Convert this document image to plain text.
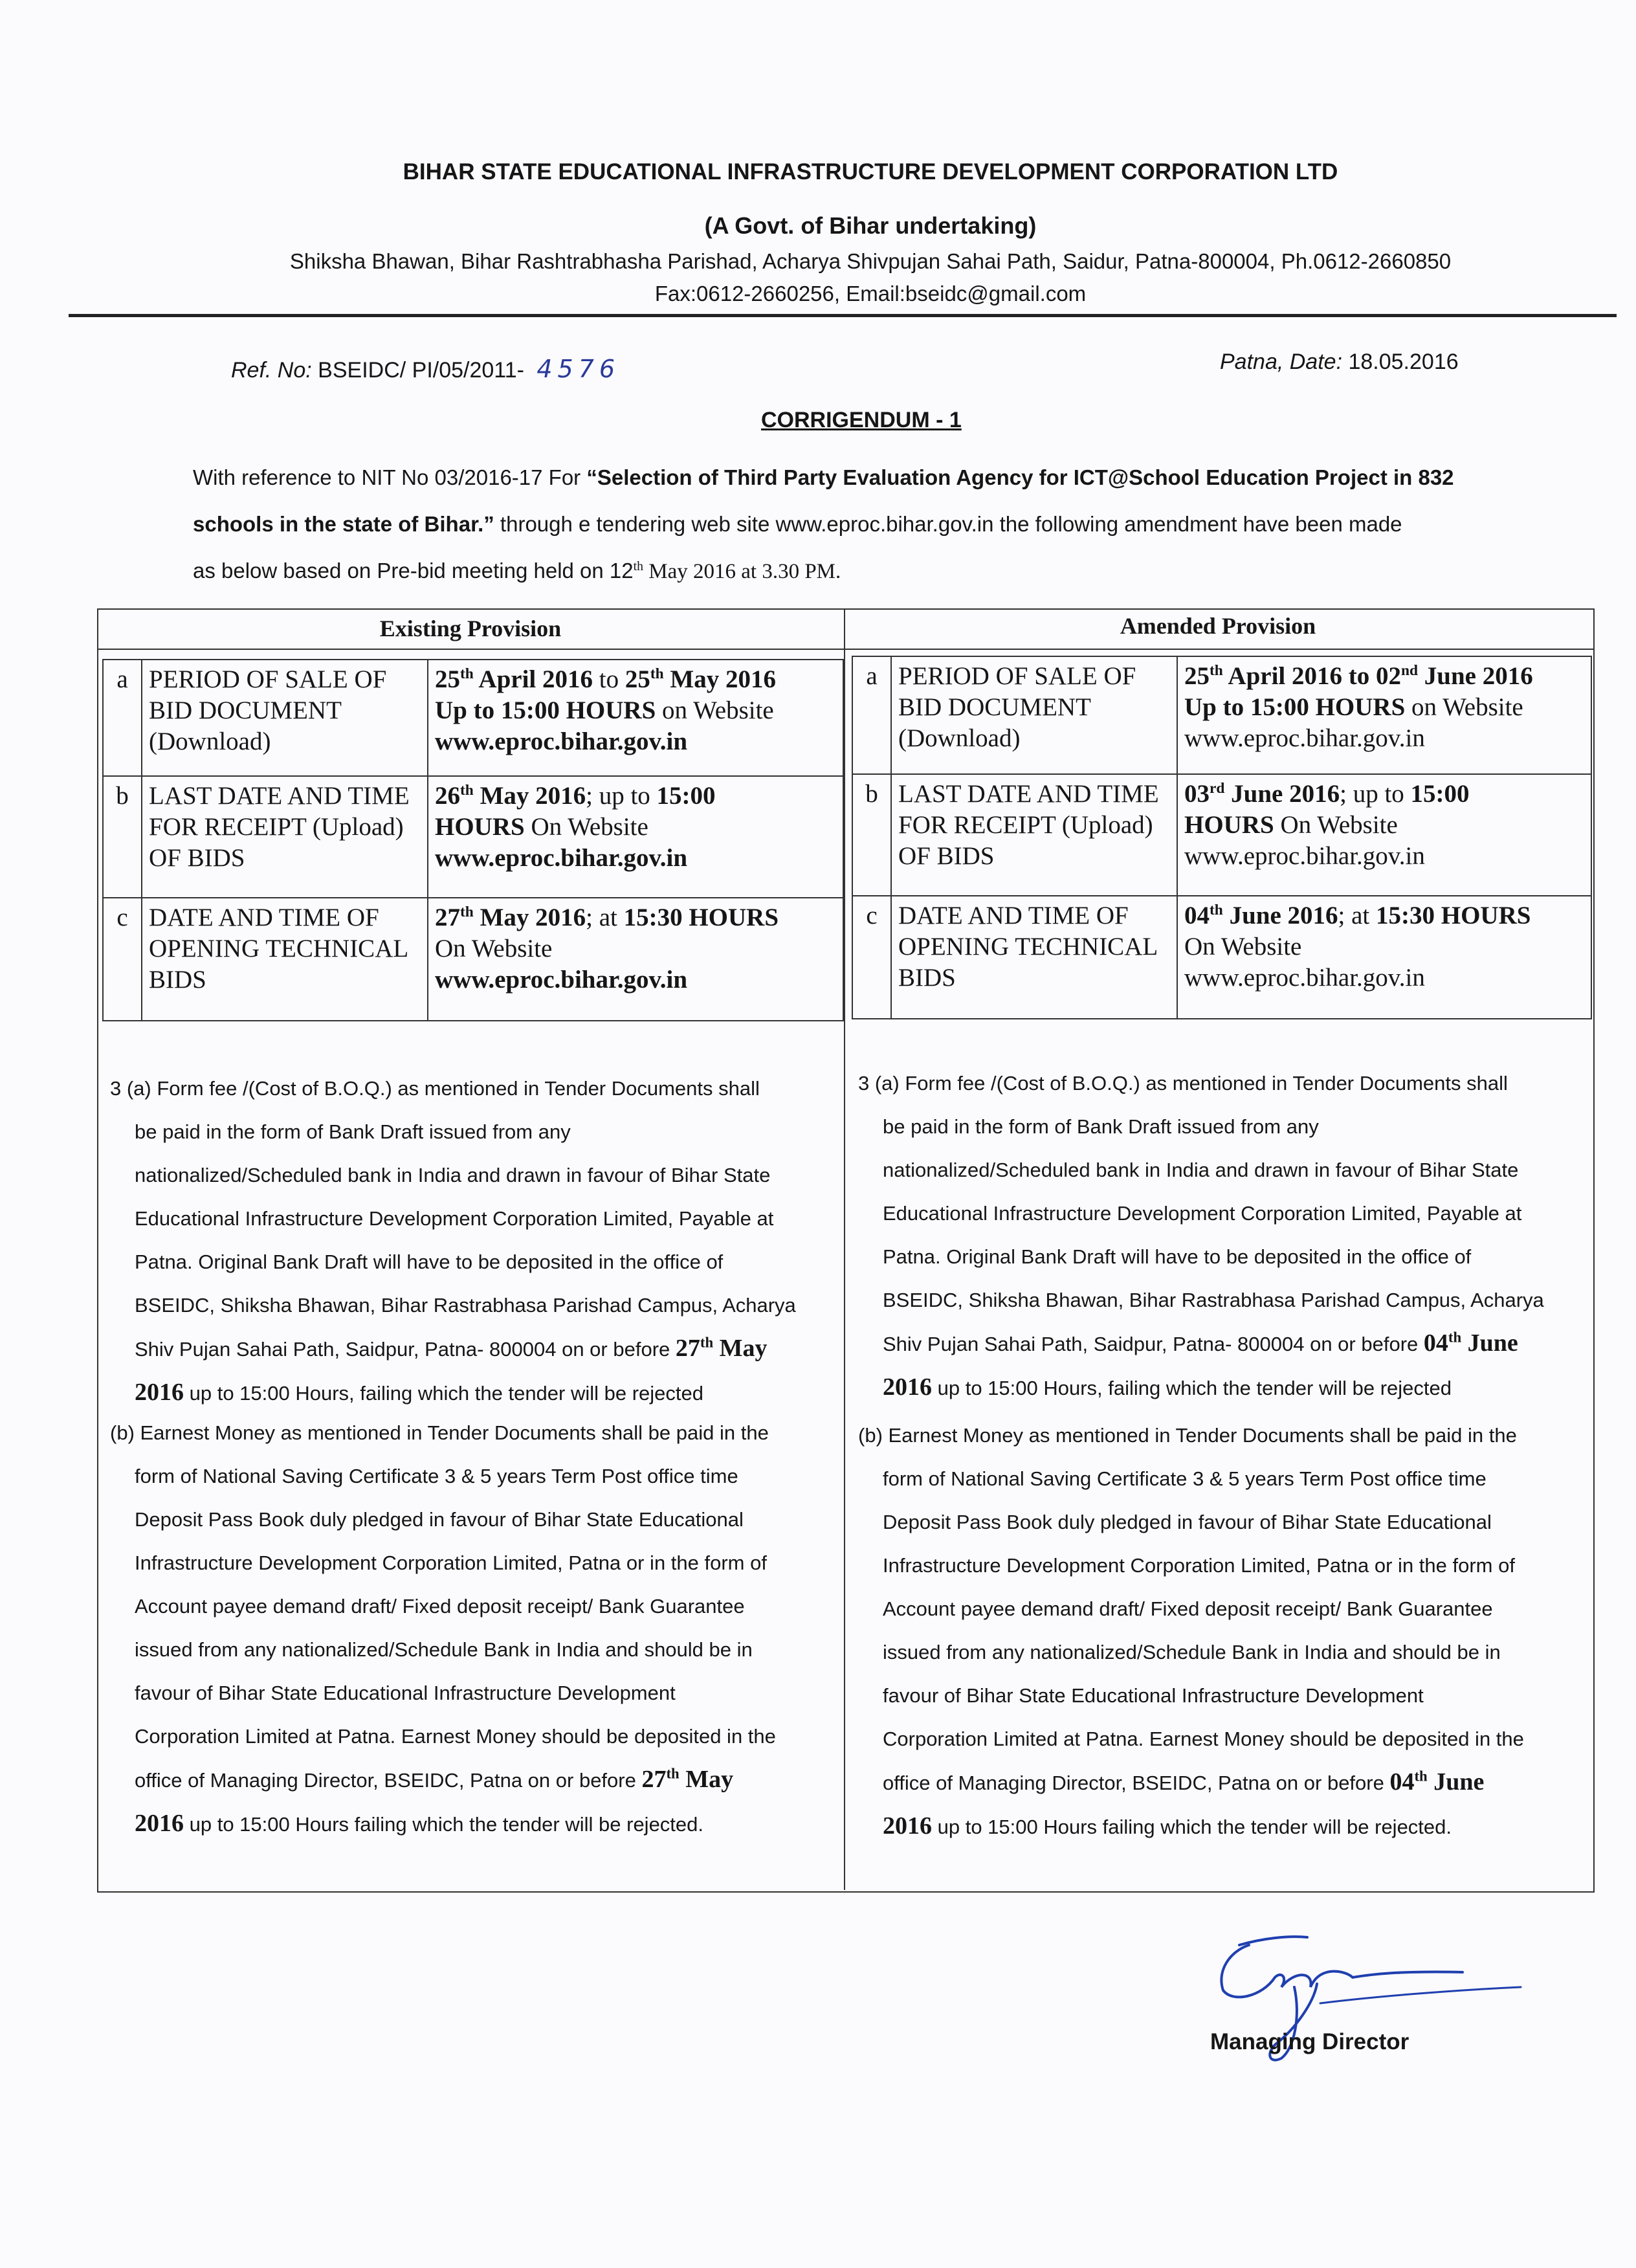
BIHAR STATE EDUCATIONAL INFRASTRUCTURE DEVELOPMENT CORPORATION LTD
(A Govt. of Bihar undertaking)
Shiksha Bhawan, Bihar Rashtrabhasha Parishad, Acharya Shivpujan Sahai Path, Saidur, Patna-800004, Ph.0612-2660850
Fax:0612-2660256, Email:bseidc@gmail.com
Ref. No: BSEIDC/ PI/05/2011- 4576	Patna, Date: 18.05.2016
CORRIGENDUM - 1
With reference to NIT No 03/2016-17 For “Selection of Third Party Evaluation Agency for ICT@School Education Project in 832
schools in the state of Bihar.” through e tendering web site www.eproc.bihar.gov.in the following amendment have been made
as below based on Pre-bid meeting held on 12th May 2016 at 3.30 PM.
Existing Provision	Amended Provision
a	PERIOD OF SALE OF BID DOCUMENT (Download)	25th April 2016 to 25th May 2016
Up to 15:00 HOURS on Website
www.eproc.bihar.gov.in
b	LAST DATE AND TIME FOR RECEIPT (Upload) OF BIDS	26th May 2016; up to 15:00
HOURS On Website
www.eproc.bihar.gov.in
c	DATE AND TIME OF OPENING TECHNICAL BIDS	27th May 2016; at 15:30 HOURS
On Website
www.eproc.bihar.gov.in
a	PERIOD OF SALE OF BID DOCUMENT (Download)	25th April 2016 to 02nd June 2016
Up to 15:00 HOURS on Website
www.eproc.bihar.gov.in
b	LAST DATE AND TIME FOR RECEIPT (Upload) OF BIDS	03rd June 2016; up to 15:00
HOURS On Website
www.eproc.bihar.gov.in
c	DATE AND TIME OF OPENING TECHNICAL BIDS	04th June 2016; at 15:30 HOURS
On Website
www.eproc.bihar.gov.in
3 (a) Form fee /(Cost of B.O.Q.) as mentioned in Tender Documents shall
be paid in the form of Bank Draft issued from any
nationalized/Scheduled bank in India and drawn in favour of Bihar State
Educational Infrastructure Development Corporation Limited, Payable at
Patna. Original Bank Draft will have to be deposited in the office of
BSEIDC, Shiksha Bhawan, Bihar Rastrabhasa Parishad Campus, Acharya
Shiv Pujan Sahai Path, Saidpur, Patna- 800004 on or before 27th May
2016 up to 15:00 Hours, failing which the tender will be rejected
(b) Earnest Money as mentioned in Tender Documents shall be paid in the
form of National Saving Certificate 3 & 5 years Term Post office time
Deposit Pass Book duly pledged in favour of Bihar State Educational
Infrastructure Development Corporation Limited, Patna or in the form of
Account payee demand draft/ Fixed deposit receipt/ Bank Guarantee
issued from any nationalized/Schedule Bank in India and should be in
favour of Bihar State Educational Infrastructure Development
Corporation Limited at Patna. Earnest Money should be deposited in the
office of Managing Director, BSEIDC, Patna on or before 27th May
2016 up to 15:00 Hours failing which the tender will be rejected.
3 (a) Form fee /(Cost of B.O.Q.) as mentioned in Tender Documents shall
be paid in the form of Bank Draft issued from any
nationalized/Scheduled bank in India and drawn in favour of Bihar State
Educational Infrastructure Development Corporation Limited, Payable at
Patna. Original Bank Draft will have to be deposited in the office of
BSEIDC, Shiksha Bhawan, Bihar Rastrabhasa Parishad Campus, Acharya
Shiv Pujan Sahai Path, Saidpur, Patna- 800004 on or before 04th June
2016 up to 15:00 Hours, failing which the tender will be rejected
(b) Earnest Money as mentioned in Tender Documents shall be paid in the
form of National Saving Certificate 3 & 5 years Term Post office time
Deposit Pass Book duly pledged in favour of Bihar State Educational
Infrastructure Development Corporation Limited, Patna or in the form of
Account payee demand draft/ Fixed deposit receipt/ Bank Guarantee
issued from any nationalized/Schedule Bank in India and should be in
favour of Bihar State Educational Infrastructure Development
Corporation Limited at Patna. Earnest Money should be deposited in the
office of Managing Director, BSEIDC, Patna on or before 04th June
2016 up to 15:00 Hours failing which the tender will be rejected.
Managing Director
